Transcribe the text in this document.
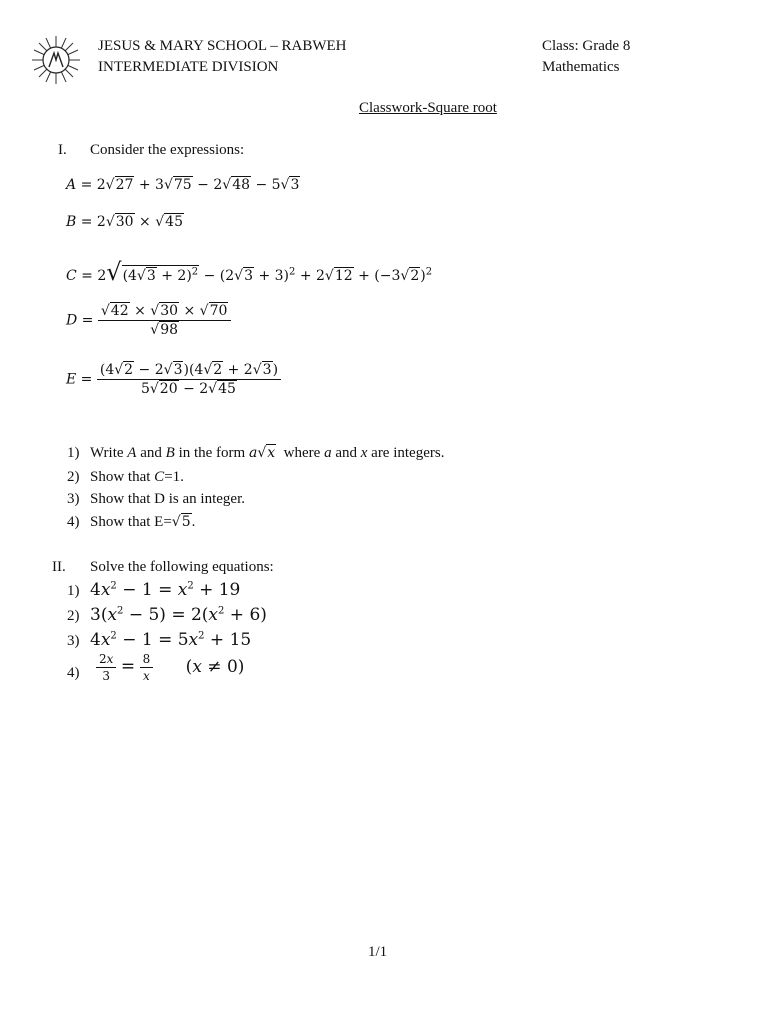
JESUS & MARY SCHOOL – RABWEH
INTERMEDIATE DIVISION
Class: Grade 8
Mathematics
Classwork-Square root
I. Consider the expressions:
A = 2√27 + 3√75 − 2√48 − 5√3
B = 2√30 × √45
$C = 2√(4√3 + 2)^2 - (2√3 + 3)^2 + 2√12 + (-3√2)^2$
$D = \frac{√42 \times √30 \times √70}{√98}$
$E = \frac{(4√2 - 2√3)(4√2 + 2√3)}{5√20 - 2√45}$
1) Write A and B in the form a√x  where a and x are integers.
2) Show that C=1.
3) Show that D is an integer.
4) Show that E=√5.
II. Solve the following equations:
1) $4x^2 - 1 = x^2 + 19$
2) $3(x^2 - 5) = 2(x^2 + 6)$
3) $4x^2 - 1 = 5x^2 + 15$
$4) \frac{2x}{3} = \frac{8}{x} (x \ne 0)$
1/1
